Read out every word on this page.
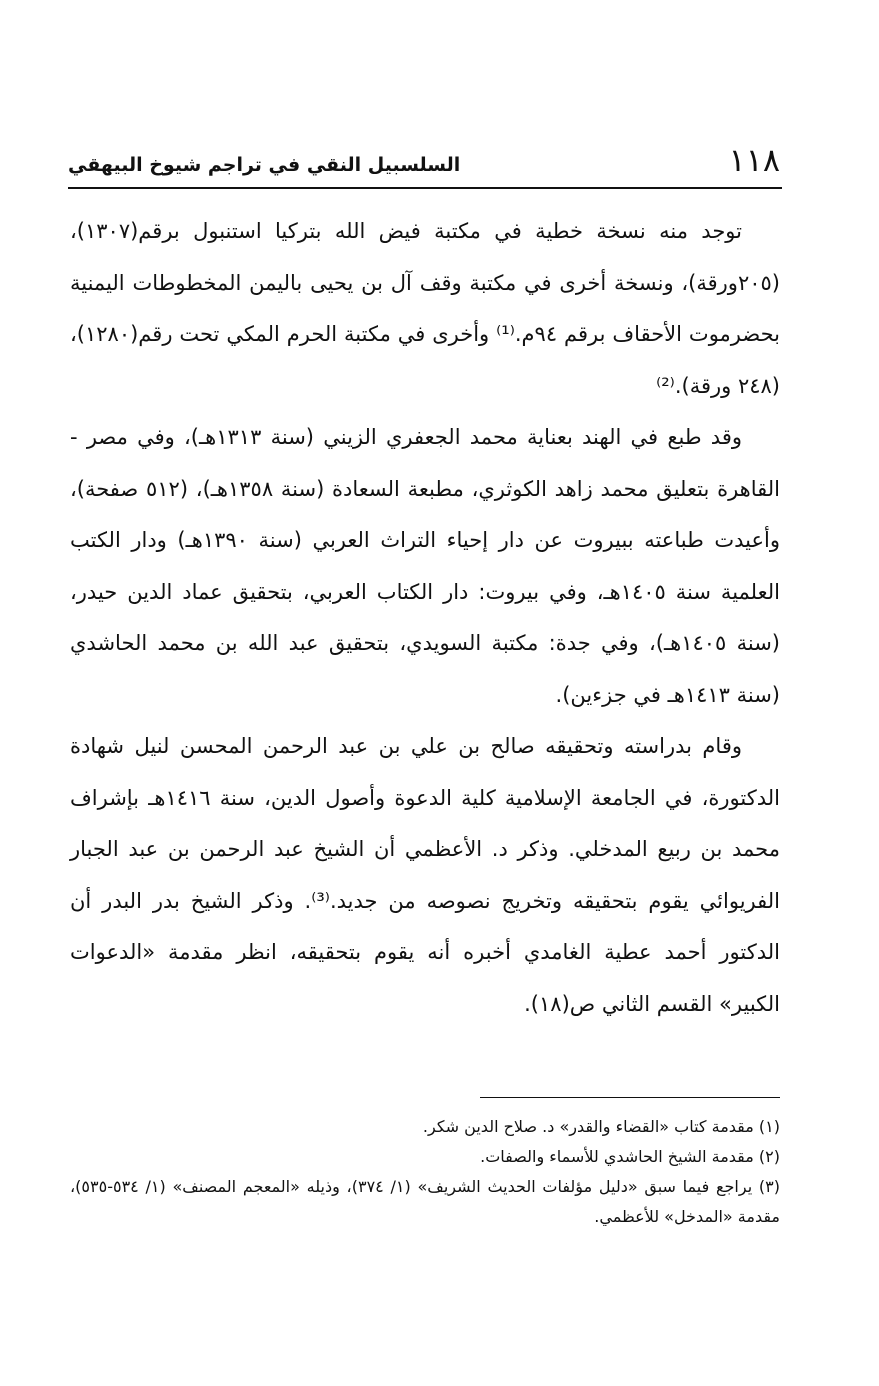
١١٨
السلسبيل النقي في تراجم شيوخ البيهقي

توجد منه نسخة خطية في مكتبة فيض الله بتركيا استنبول برقم(١٣٠٧)، (٢٠٥ورقة)، ونسخة أخرى في مكتبة وقف آل بن يحيى باليمن المخطوطات اليمنية بحضرموت الأحقاف برقم ٩٤م.⁽¹⁾ وأخرى في مكتبة الحرم المكي تحت رقم(١٢٨٠)، (٢٤٨ ورقة).⁽²⁾

وقد طبع في الهند بعناية محمد الجعفري الزيني (سنة ١٣١٣هـ)، وفي مصر - القاهرة بتعليق محمد زاهد الكوثري، مطبعة السعادة (سنة ١٣٥٨هـ)، (٥١٢ صفحة)، وأعيدت طباعته ببيروت عن دار إحياء التراث العربي (سنة ١٣٩٠هـ) ودار الكتب العلمية سنة ١٤٠٥هـ، وفي بيروت: دار الكتاب العربي، بتحقيق عماد الدين حيدر، (سنة ١٤٠٥هـ)، وفي جدة: مكتبة السويدي، بتحقيق عبد الله بن محمد الحاشدي (سنة ١٤١٣هـ في جزءين).

وقام بدراسته وتحقيقه صالح بن علي بن عبد الرحمن المحسن لنيل شهادة الدكتورة، في الجامعة الإسلامية كلية الدعوة وأصول الدين، سنة ١٤١٦هـ بإشراف محمد بن ربيع المدخلي. وذكر د. الأعظمي أن الشيخ عبد الرحمن بن عبد الجبار الفريوائي يقوم بتحقيقه وتخريج نصوصه من جديد.⁽³⁾. وذكر الشيخ بدر البدر أن الدكتور أحمد عطية الغامدي أخبره أنه يقوم بتحقيقه، انظر مقدمة «الدعوات الكبير» القسم الثاني ص(١٨).

(١) مقدمة كتاب «القضاء والقدر» د. صلاح الدين شكر.

(٢) مقدمة الشيخ الحاشدي للأسماء والصفات.

(٣) يراجع فيما سبق «دليل مؤلفات الحديث الشريف» (١/ ٣٧٤)، وذيله «المعجم المصنف» (١/ ٥٣٤-٥٣٥)، مقدمة «المدخل» للأعظمي.
